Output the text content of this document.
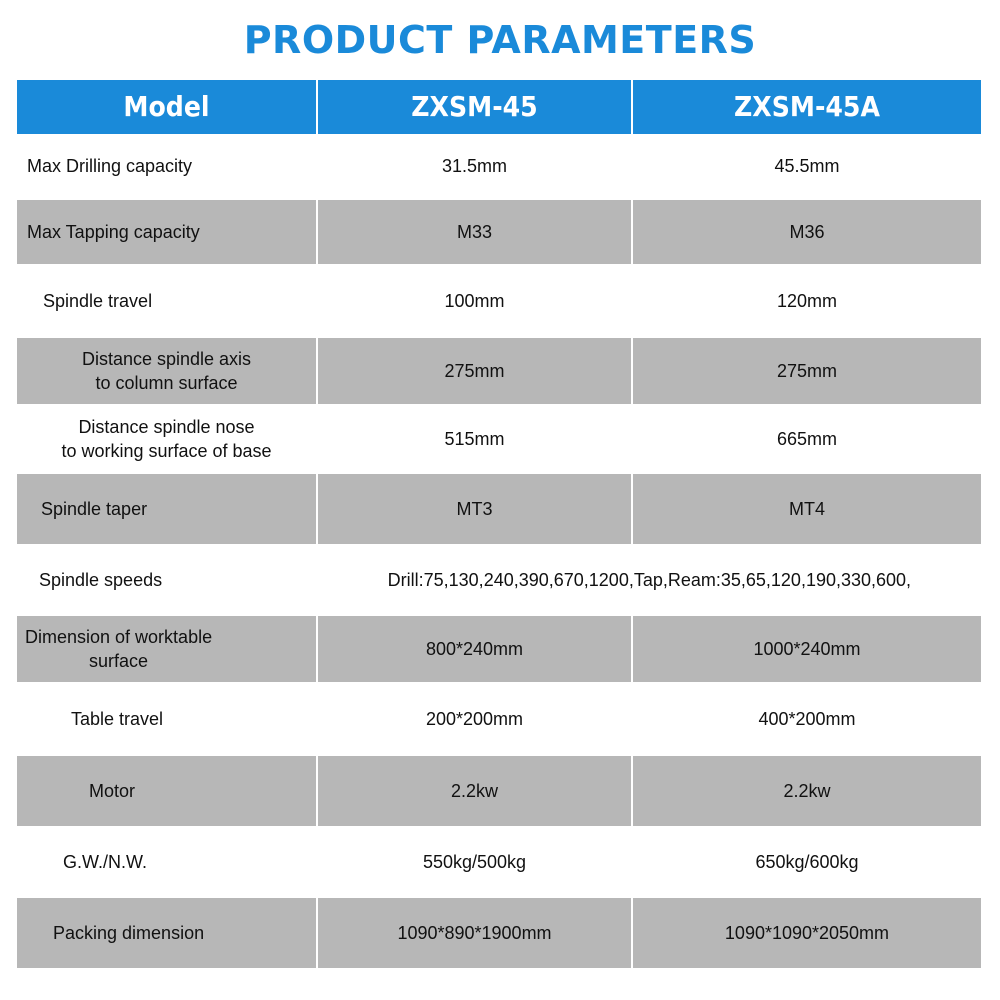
PRODUCT PARAMETERS
Model	ZXSM-45	ZXSM-45A
Max Drilling capacity	31.5mm	45.5mm
Max Tapping capacity	M33	M36
Spindle travel	100mm	120mm
Distance spindle axis
to column surface
275mm	275mm
Distance spindle nose
to working surface of base
515mm	665mm
Spindle taper	MT3	MT4
Spindle speeds	Drill:75,130,240,390,670,1200,Tap,Ream:35,65,120,190,330,600,
Dimension of worktable
surface
800*240mm	1000*240mm
Table travel	200*200mm	400*200mm
Motor	2.2kw	2.2kw
G.W./N.W.	550kg/500kg	650kg/600kg
Packing dimension	1090*890*1900mm	1090*1090*2050mm
